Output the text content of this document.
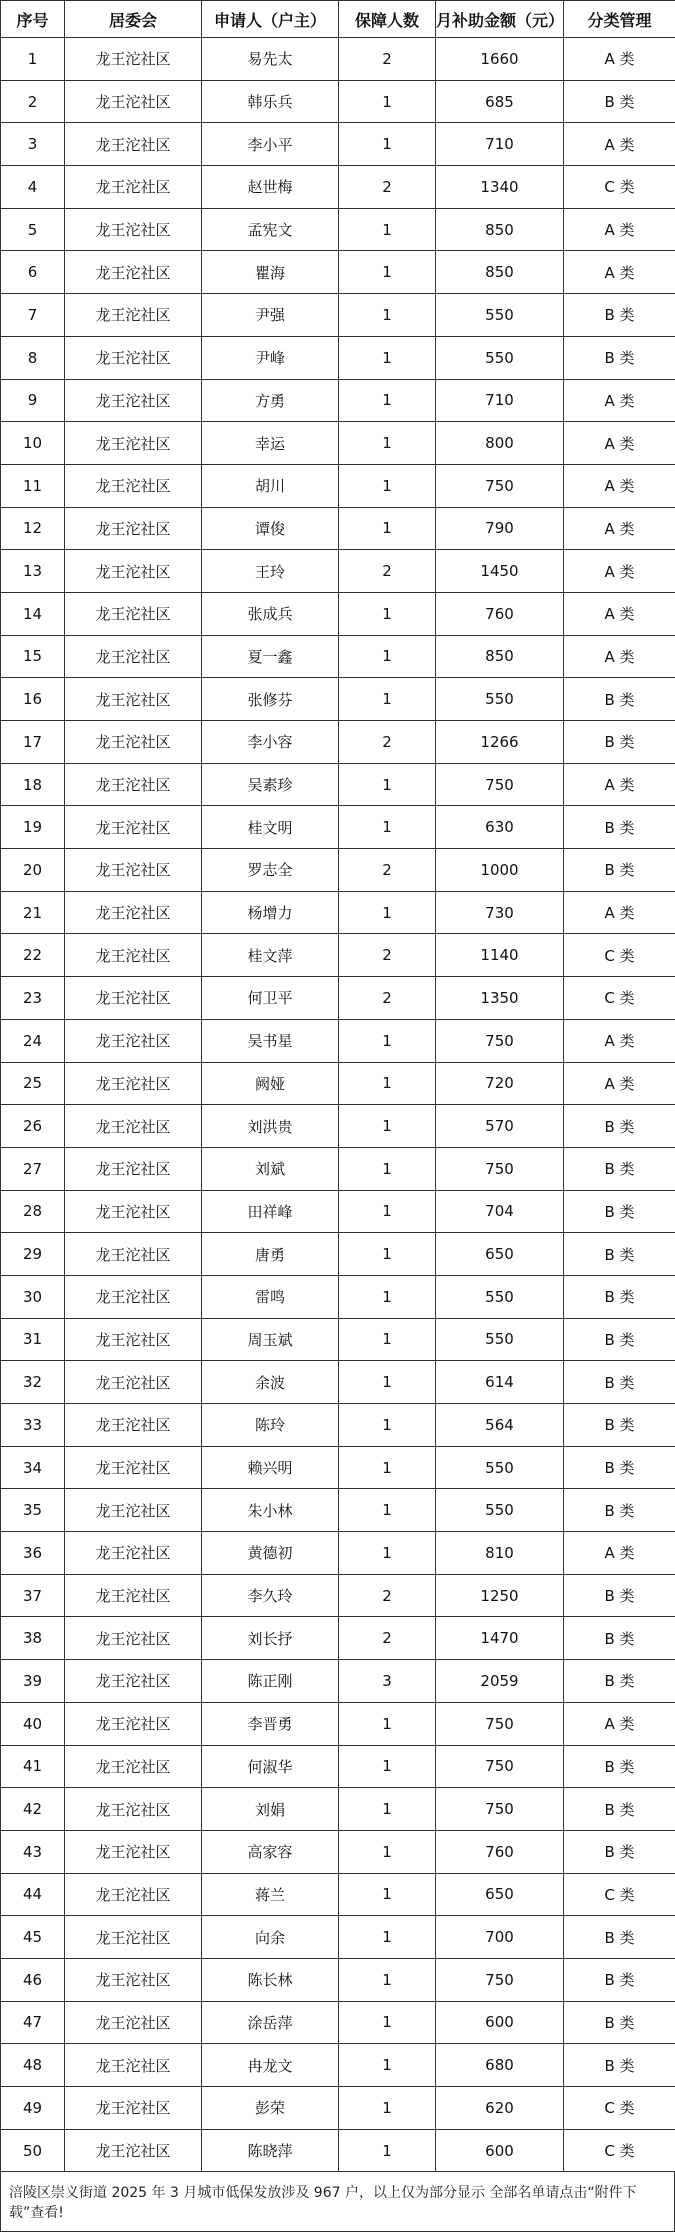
序号	居委会	申请人（户主）	保障人数	月补助金额（元）	分类管理
1	龙王沱社区	易先太	2	1660	A 类
2	龙王沱社区	韩乐兵	1	685	B 类
3	龙王沱社区	李小平	1	710	A 类
4	龙王沱社区	赵世梅	2	1340	C 类
5	龙王沱社区	孟宪文	1	850	A 类
6	龙王沱社区	瞿海	1	850	A 类
7	龙王沱社区	尹强	1	550	B 类
8	龙王沱社区	尹峰	1	550	B 类
9	龙王沱社区	方勇	1	710	A 类
10	龙王沱社区	幸运	1	800	A 类
11	龙王沱社区	胡川	1	750	A 类
12	龙王沱社区	谭俊	1	790	A 类
13	龙王沱社区	王玲	2	1450	A 类
14	龙王沱社区	张成兵	1	760	A 类
15	龙王沱社区	夏一鑫	1	850	A 类
16	龙王沱社区	张修芬	1	550	B 类
17	龙王沱社区	李小容	2	1266	B 类
18	龙王沱社区	吴素珍	1	750	A 类
19	龙王沱社区	桂文明	1	630	B 类
20	龙王沱社区	罗志全	2	1000	B 类
21	龙王沱社区	杨增力	1	730	A 类
22	龙王沱社区	桂文萍	2	1140	C 类
23	龙王沱社区	何卫平	2	1350	C 类
24	龙王沱社区	吴书星	1	750	A 类
25	龙王沱社区	阙娅	1	720	A 类
26	龙王沱社区	刘洪贵	1	570	B 类
27	龙王沱社区	刘斌	1	750	B 类
28	龙王沱社区	田祥峰	1	704	B 类
29	龙王沱社区	唐勇	1	650	B 类
30	龙王沱社区	雷鸣	1	550	B 类
31	龙王沱社区	周玉斌	1	550	B 类
32	龙王沱社区	余波	1	614	B 类
33	龙王沱社区	陈玲	1	564	B 类
34	龙王沱社区	赖兴明	1	550	B 类
35	龙王沱社区	朱小林	1	550	B 类
36	龙王沱社区	黄德初	1	810	A 类
37	龙王沱社区	李久玲	2	1250	B 类
38	龙王沱社区	刘长抒	2	1470	B 类
39	龙王沱社区	陈正刚	3	2059	B 类
40	龙王沱社区	李晋勇	1	750	A 类
41	龙王沱社区	何淑华	1	750	B 类
42	龙王沱社区	刘娟	1	750	B 类
43	龙王沱社区	高家容	1	760	B 类
44	龙王沱社区	蒋兰	1	650	C 类
45	龙王沱社区	向余	1	700	B 类
46	龙王沱社区	陈长林	1	750	B 类
47	龙王沱社区	涂岳萍	1	600	B 类
48	龙王沱社区	冉龙文	1	680	B 类
49	龙王沱社区	彭荣	1	620	C 类
50	龙王沱社区	陈晓萍	1	600	C 类
涪陵区崇义街道 2025 年 3 月城市低保发放涉及 967 户，以上仅为部分显示 全部名单请点击“附件下载”查看!
